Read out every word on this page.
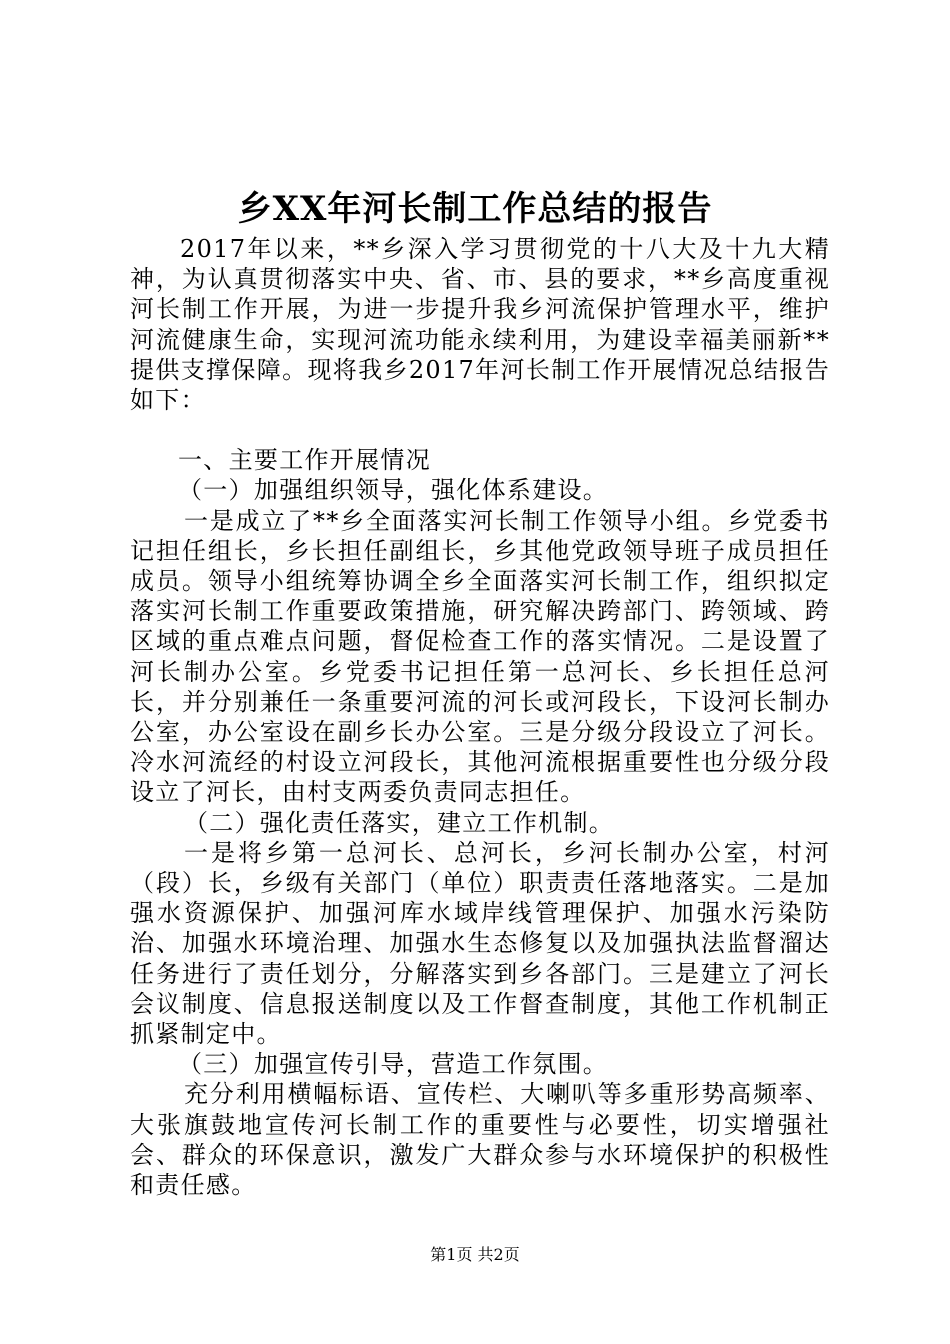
乡XX年河长制工作总结的报告

2017年以来，**乡深入学习贯彻党的十八大及十九大精神，为认真贯彻落实中央、省、市、县的要求，**乡高度重视河长制工作开展，为进一步提升我乡河流保护管理水平，维护河流健康生命，实现河流功能永续利用，为建设幸福美丽新**提供支撑保障。现将我乡2017年河长制工作开展情况总结报告如下：

一、主要工作开展情况

（一）加强组织领导，强化体系建设。

一是成立了**乡全面落实河长制工作领导小组。乡党委书记担任组长，乡长担任副组长，乡其他党政领导班子成员担任成员。领导小组统筹协调全乡全面落实河长制工作，组织拟定落实河长制工作重要政策措施，研究解决跨部门、跨领域、跨区域的重点难点问题，督促检查工作的落实情况。二是设置了河长制办公室。乡党委书记担任第一总河长、乡长担任总河长，并分别兼任一条重要河流的河长或河段长，下设河长制办公室，办公室设在副乡长办公室。三是分级分段设立了河长。冷水河流经的村设立河段长，其他河流根据重要性也分级分段设立了河长，由村支两委负责同志担任。

（二）强化责任落实，建立工作机制。

一是将乡第一总河长、总河长，乡河长制办公室，村河（段）长，乡级有关部门（单位）职责责任落地落实。二是加强水资源保护、加强河库水域岸线管理保护、加强水污染防治、加强水环境治理、加强水生态修复以及加强执法监督溜达任务进行了责任划分，分解落实到乡各部门。三是建立了河长会议制度、信息报送制度以及工作督查制度，其他工作机制正抓紧制定中。

（三）加强宣传引导，营造工作氛围。

充分利用横幅标语、宣传栏、大喇叭等多重形势高频率、大张旗鼓地宣传河长制工作的重要性与必要性，切实增强社会、群众的环保意识，激发广大群众参与水环境保护的积极性和责任感。

第1页 共2页
